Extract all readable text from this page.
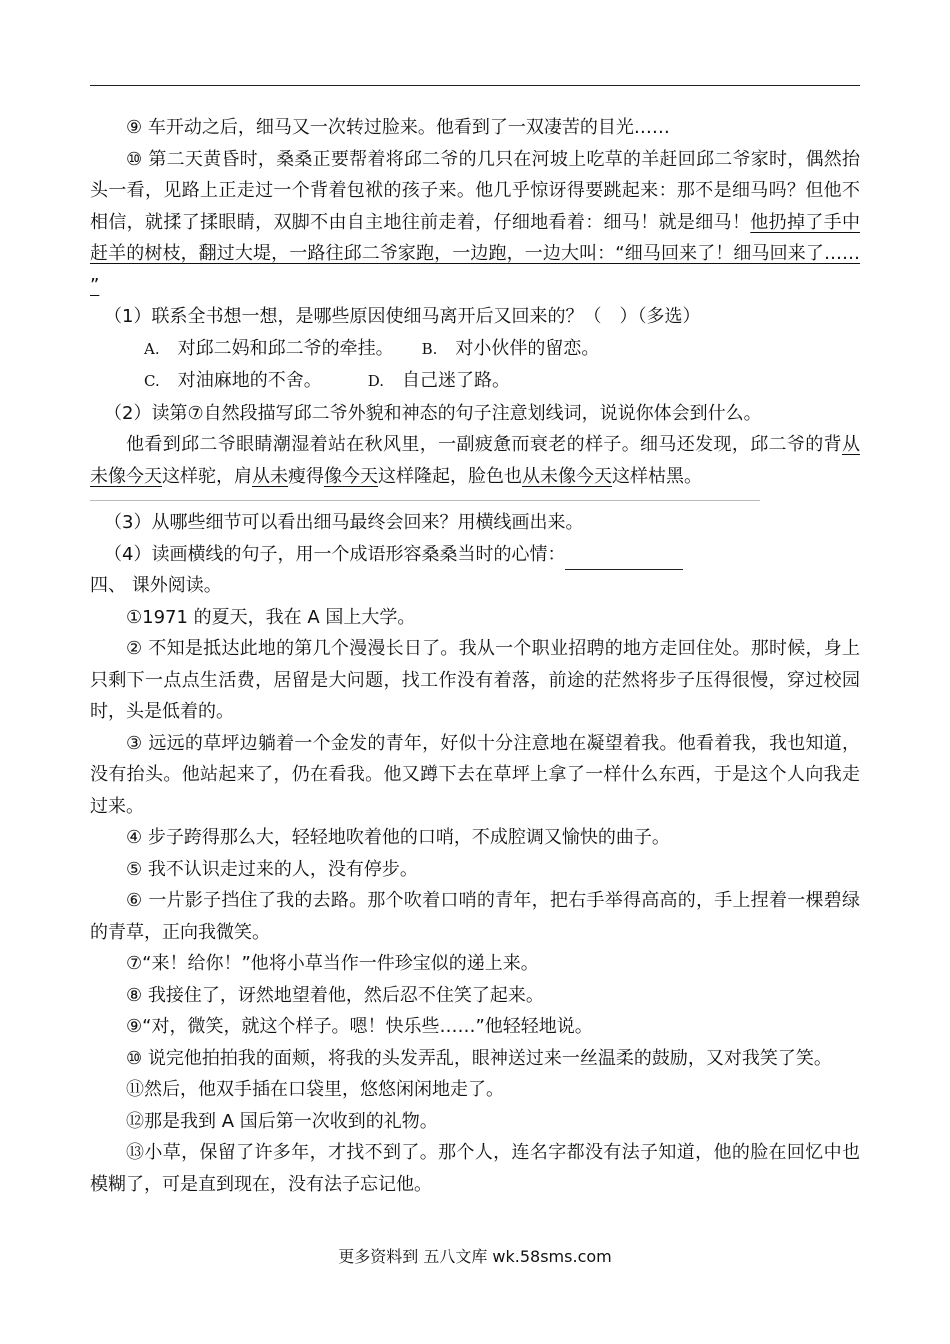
⑨ 车开动之后，细马又一次转过脸来。他看到了一双凄苦的目光……

⑩ 第二天黄昏时，桑桑正要帮着将邱二爷的几只在河坡上吃草的羊赶回邱二爷家时，偶然抬头一看，见路上正走过一个背着包袱的孩子来。他几乎惊讶得要跳起来：那不是细马吗？但他不相信，就揉了揉眼睛，双脚不由自主地往前走着，仔细地看着：细马！就是细马！他扔掉了手中赶羊的树枝，翻过大堤，一路往邱二爷家跑，一边跑，一边大叫：“细马回来了！细马回来了…… ”

（1）联系全书想一想，是哪些原因使细马离开后又回来的？（　）（多选）

A. 对邱二妈和邱二爷的牵挂。 B. 对小伙伴的留恋。

C. 对油麻地的不舍。	D. 自己迷了路。

（2）读第⑦自然段描写邱二爷外貌和神态的句子注意划线词，说说你体会到什么。

他看到邱二爷眼睛潮湿着站在秋风里，一副疲惫而衰老的样子。细马还发现，邱二爷的背从未像今天这样驼，肩从未瘦得像今天这样隆起，脸色也从未像今天这样枯黑。

（3）从哪些细节可以看出细马最终会回来？用横线画出来。

（4）读画横线的句子，用一个成语形容桑桑当时的心情：

四、 课外阅读。

①1971 的夏天，我在 A 国上大学。

② 不知是抵达此地的第几个漫漫长日了。我从一个职业招聘的地方走回住处。那时候，身上只剩下一点点生活费，居留是大问题，找工作没有着落，前途的茫然将步子压得很慢，穿过校园时，头是低着的。

③ 远远的草坪边躺着一个金发的青年，好似十分注意地在凝望着我。他看着我，我也知道，没有抬头。他站起来了，仍在看我。他又蹲下去在草坪上拿了一样什么东西，于是这个人向我走过来。

④ 步子跨得那么大，轻轻地吹着他的口哨，不成腔调又愉快的曲子。

⑤ 我不认识走过来的人，没有停步。

⑥ 一片影子挡住了我的去路。那个吹着口哨的青年，把右手举得高高的，手上捏着一棵碧绿的青草，正向我微笑。

⑦“来！给你！”他将小草当作一件珍宝似的递上来。

⑧ 我接住了，讶然地望着他，然后忍不住笑了起来。

⑨“对，微笑，就这个样子。嗯！快乐些……”他轻轻地说。

⑩ 说完他拍拍我的面颊，将我的头发弄乱，眼神送过来一丝温柔的鼓励，又对我笑了笑。

⑪然后，他双手插在口袋里，悠悠闲闲地走了。

⑫那是我到 A 国后第一次收到的礼物。

⑬小草，保留了许多年，才找不到了。那个人，连名字都没有法子知道，他的脸在回忆中也模糊了，可是直到现在，没有法子忘记他。

更多资料到 五八文库 wk.58sms.com
